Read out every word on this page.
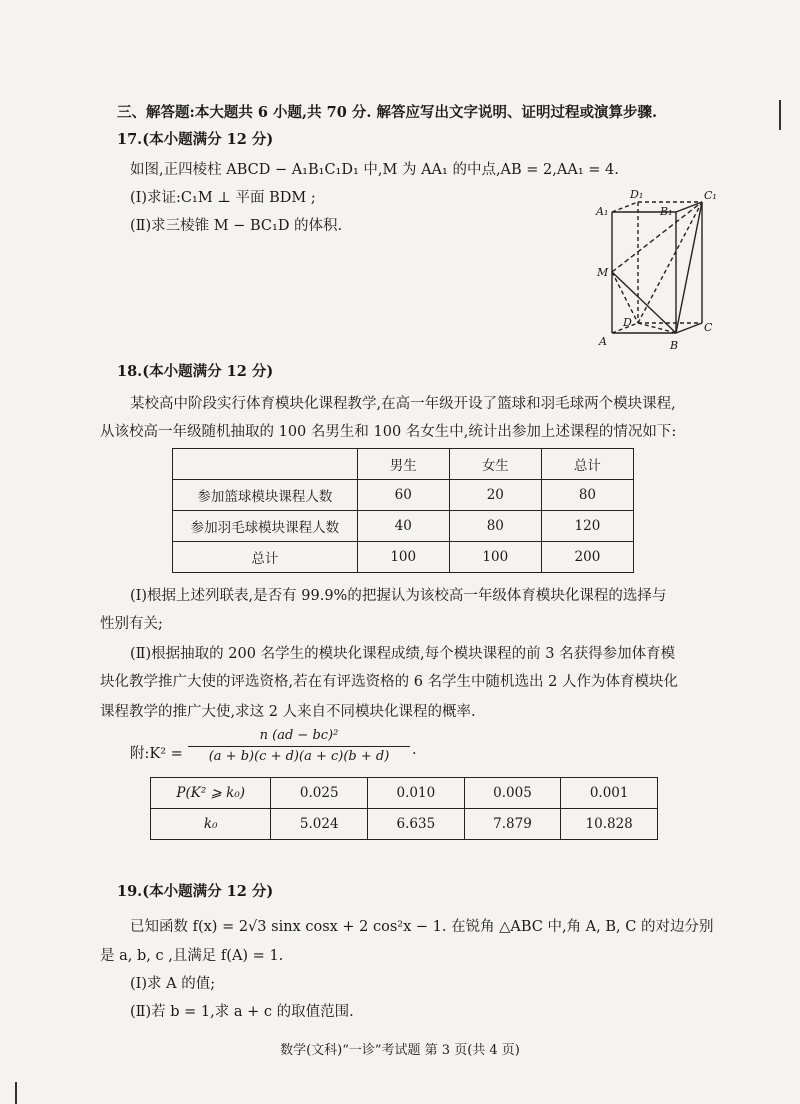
三、解答题:本大题共 6 小题,共 70 分. 解答应写出文字说明、证明过程或演算步骤.
17.(本小题满分 12 分)
如图,正四棱柱 ABCD − A₁B₁C₁D₁ 中,M 为 AA₁ 的中点,AB = 2,AA₁ = 4.
(Ⅰ)求证:C₁M ⊥ 平面 BDM ;
(Ⅱ)求三棱锥 M − BC₁D 的体积.
D₁	C₁
A₁	B₁
M
D	C
A	B
18.(本小题满分 12 分)
某校高中阶段实行体育模块化课程教学,在高一年级开设了篮球和羽毛球两个模块课程,
从该校高一年级随机抽取的 100 名男生和 100 名女生中,统计出参加上述课程的情况如下:
	男生	女生	总计
参加篮球模块课程人数	60	20	80
参加羽毛球模块课程人数	40	80	120
总计	100	100	200
(Ⅰ)根据上述列联表,是否有 99.9%的把握认为该校高一年级体育模块化课程的选择与
性别有关;
(Ⅱ)根据抽取的 200 名学生的模块化课程成绩,每个模块课程的前 3 名获得参加体育模
块化教学推广大使的评选资格,若在有评选资格的 6 名学生中随机选出 2 人作为体育模块化
课程教学的推广大使,求这 2 人来自不同模块化课程的概率.
附:K² =
n (ad − bc)²
(a + b)(c + d)(a + c)(b + d)	.
P(K² ⩾ k₀)	0.025	0.010	0.005	0.001
k₀	5.024	6.635	7.879	10.828
19.(本小题满分 12 分)
已知函数 f(x) = 2√3 sinx cosx + 2 cos²x − 1. 在锐角 △ABC 中,角 A, B, C 的对边分别
是 a, b, c ,且满足 f(A) = 1.
(Ⅰ)求 A 的值;
(Ⅱ)若 b = 1,求 a + c 的取值范围.
数学(文科)“一诊”考试题 第 3 页(共 4 页)
